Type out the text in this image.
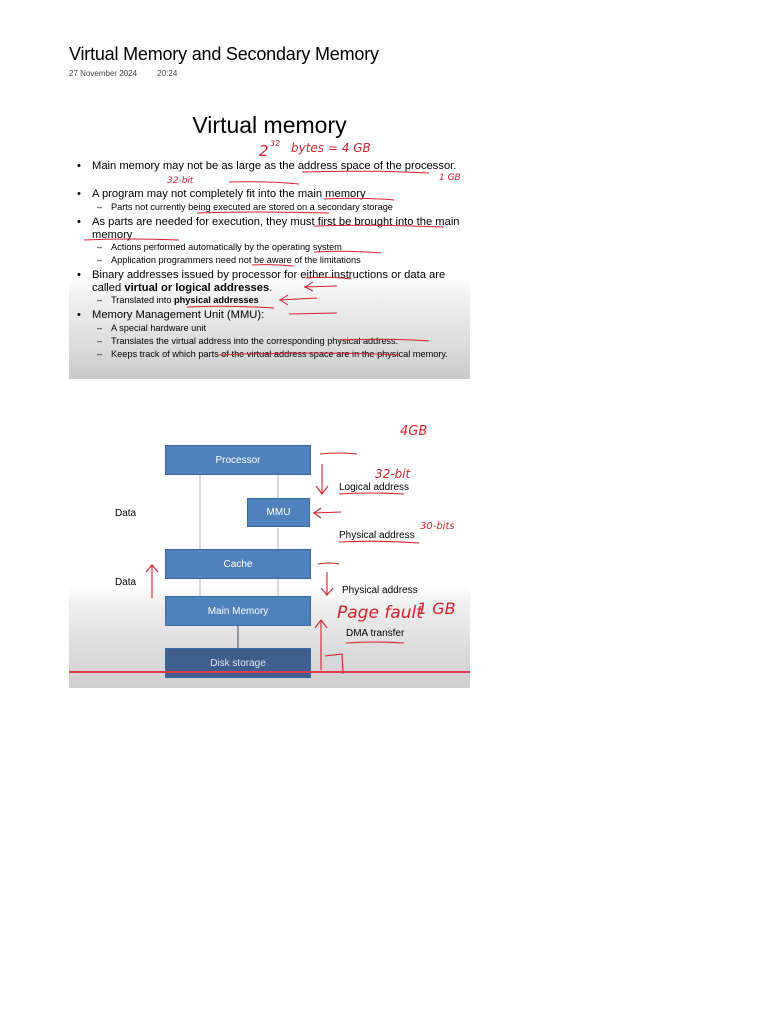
Virtual Memory and Secondary Memory
27 November 2024	20:24
Virtual memory
• Main memory may not be as large as the address space of the processor.
• A program may not completely fit into the main memory
– Parts not currently being executed are stored on a secondary storage
• As parts are needed for execution, they must first be brought into the main memory
– Actions performed automatically by the operating system
– Application programmers need not be aware of the limitations
• Binary addresses issued by processor for either instructions or data are called virtual or logical addresses.
– Translated into physical addresses
• Memory Management Unit (MMU):
– A special hardware unit
– Translates the virtual address into the corresponding physical address.
– Keeps track of which parts of the virtual address space are in the physical memory.
2 32 bytes = 4 GB
32-bit	1 GB
Processor
MMU
Cache
Main Memory
Disk storage
Data
Data
Logical address
Physical address
Physical address
DMA transfer
4GB
32-bit
30-bits
Page fault
1 GB
